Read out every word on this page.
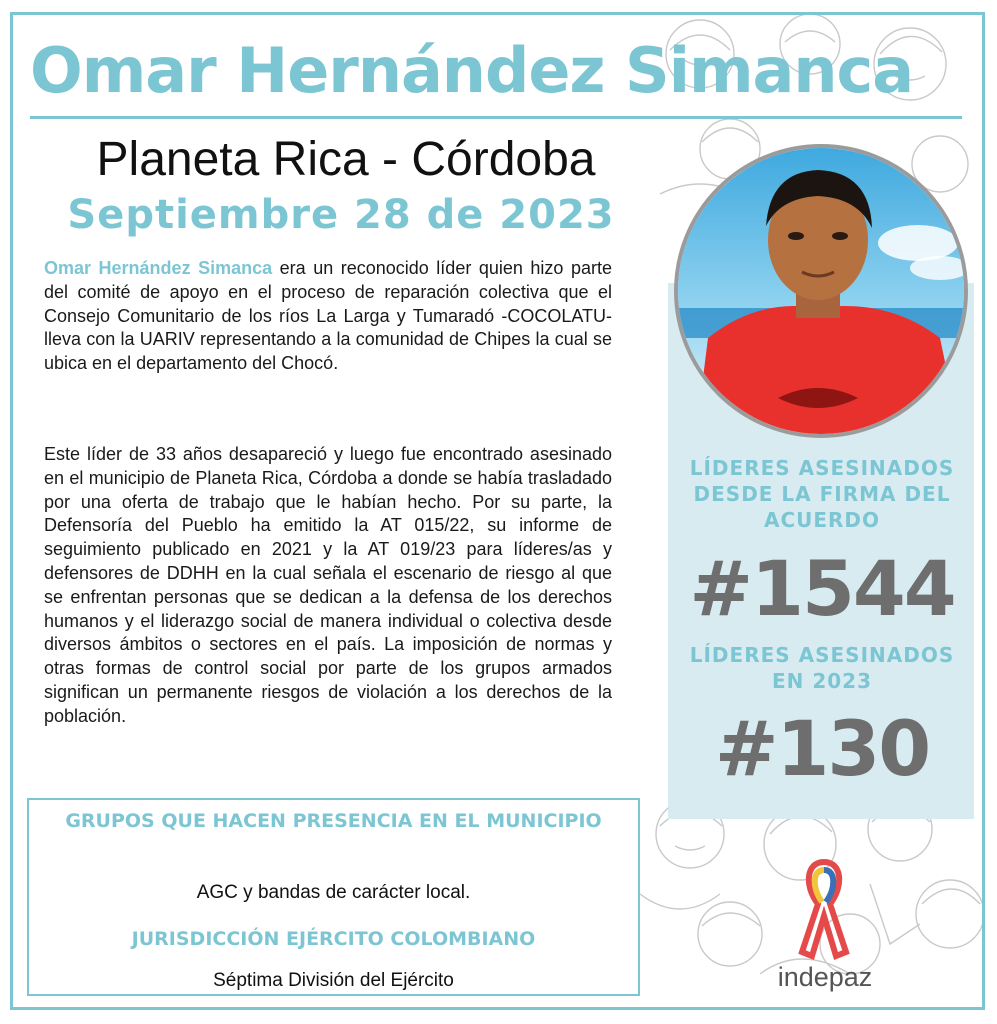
Omar Hernández Simanca
Planeta Rica - Córdoba
Septiembre 28 de 2023
Omar Hernández Simanca era un reconocido líder quien hizo parte del comité de apoyo en el proceso de reparación colectiva que el Consejo Comunitario de los ríos La Larga y Tumaradó -COCOLATU- lleva con la UARIV representando a la comunidad de Chipes la cual se ubica en el departamento del Chocó.
Este líder de 33 años desapareció y luego fue encontrado asesinado en el municipio de Planeta Rica, Córdoba a donde se había trasladado por una oferta de trabajo que le habían hecho. Por su parte, la Defensoría del Pueblo ha emitido la AT 015/22, su informe de seguimiento publicado en 2021 y la AT 019/23 para líderes/as y defensores de DDHH en la cual señala el escenario de riesgo al que se enfrentan personas que se dedican a la defensa de los derechos humanos y el liderazgo social de manera individual o colectiva desde diversos ámbitos o sectores en el país. La imposición de normas y otras formas de control social por parte de los grupos armados significan un permanente riesgos de violación a los derechos de la población.
LÍDERES ASESINADOS DESDE LA FIRMA DEL ACUERDO
#1544
LÍDERES ASESINADOS EN 2023
#130
GRUPOS QUE HACEN PRESENCIA EN EL MUNICIPIO
AGC y bandas de carácter local.
JURISDICCIÓN EJÉRCITO COLOMBIANO
Séptima División del Ejército	indepaz
